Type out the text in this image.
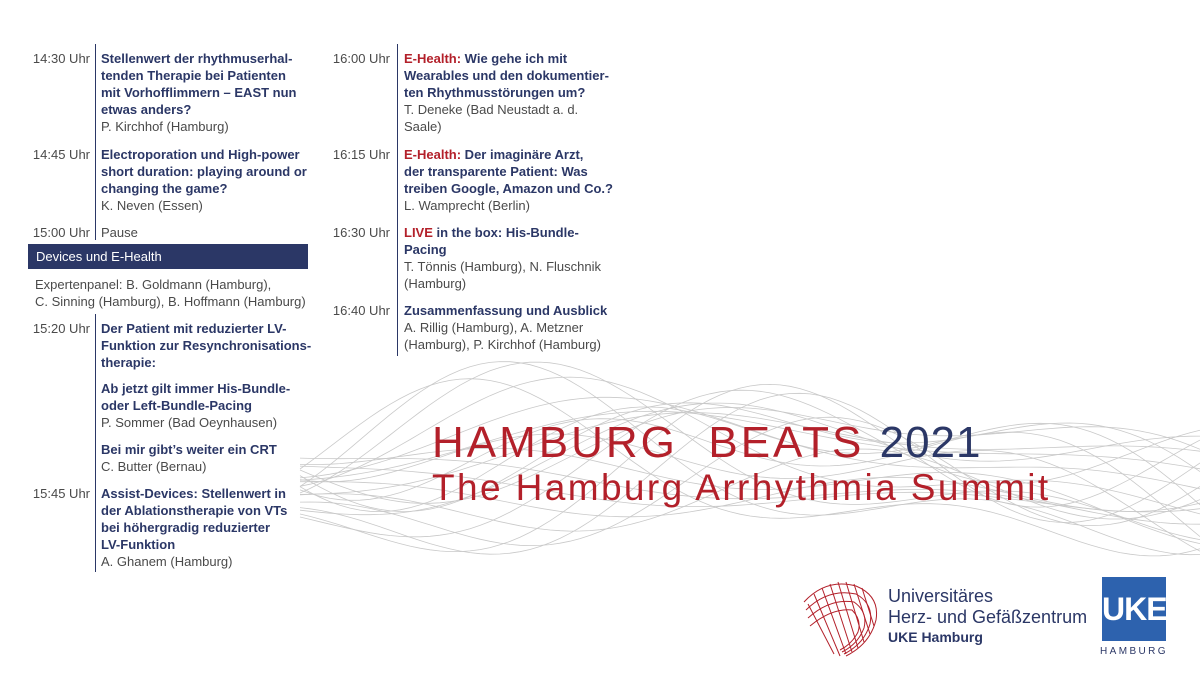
14:30 Uhr Stellenwert der rhythmuserhal-
tenden Therapie bei Patienten
mit Vorhofflimmern – EAST nun
etwas anders?
P. Kirchhof (Hamburg)
14:45 Uhr Electroporation und High-power
short duration: playing around or
changing the game?
K. Neven (Essen)
15:00 Uhr Pause
Devices und E-Health
Expertenpanel: B. Goldmann (Hamburg),
C. Sinning (Hamburg), B. Hoffmann (Hamburg)
15:20 Uhr Der Patient mit reduzierter LV-
Funktion zur Resynchronisations-
therapie:
Ab jetzt gilt immer His-Bundle-
oder Left-Bundle-Pacing
P. Sommer (Bad Oeynhausen)
Bei mir gibt’s weiter ein CRT
C. Butter (Bernau)
15:45 Uhr Assist-Devices: Stellenwert in
der Ablationstherapie von VTs
bei höhergradig reduzierter
LV-Funktion
A. Ghanem (Hamburg)
16:00 Uhr E-Health: Wie gehe ich mit
Wearables und den dokumentier-
ten Rhythmusstörungen um?
T. Deneke (Bad Neustadt a. d.
Saale)
16:15 Uhr E-Health: Der imaginäre Arzt,
der transparente Patient: Was
treiben Google, Amazon und Co.?
L. Wamprecht (Berlin)
16:30 Uhr LIVE in the box: His-Bundle-
Pacing
T. Tönnis (Hamburg), N. Fluschnik
(Hamburg)
16:40 Uhr Zusammenfassung und Ausblick
A. Rillig (Hamburg), A. Metzner
(Hamburg), P. Kirchhof (Hamburg)
HAMBURG  BEATS 2021
The Hamburg Arrhythmia Summit
Universitäres
Herz- und Gefäßzentrum
UKE Hamburg
UKE
HAMBURG
